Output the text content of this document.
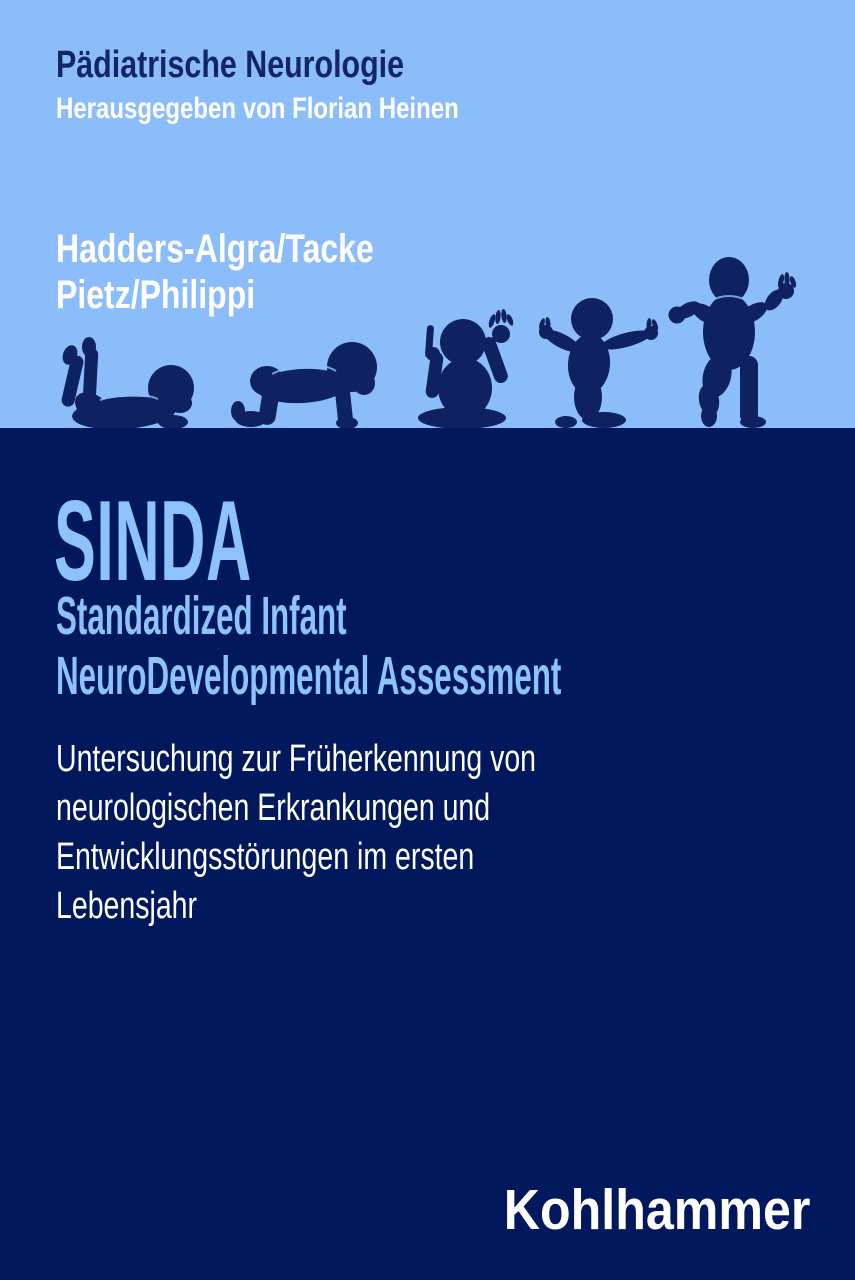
Pädiatrische Neurologie
Herausgegeben von Florian Heinen
Hadders-Algra/Tacke
Pietz/Philippi
SINDA
Standardized Infant
NeuroDevelopmental Assessment
Untersuchung zur Früherkennung von
neurologischen Erkrankungen und
Entwicklungsstörungen im ersten
Lebensjahr
Kohlhammer
